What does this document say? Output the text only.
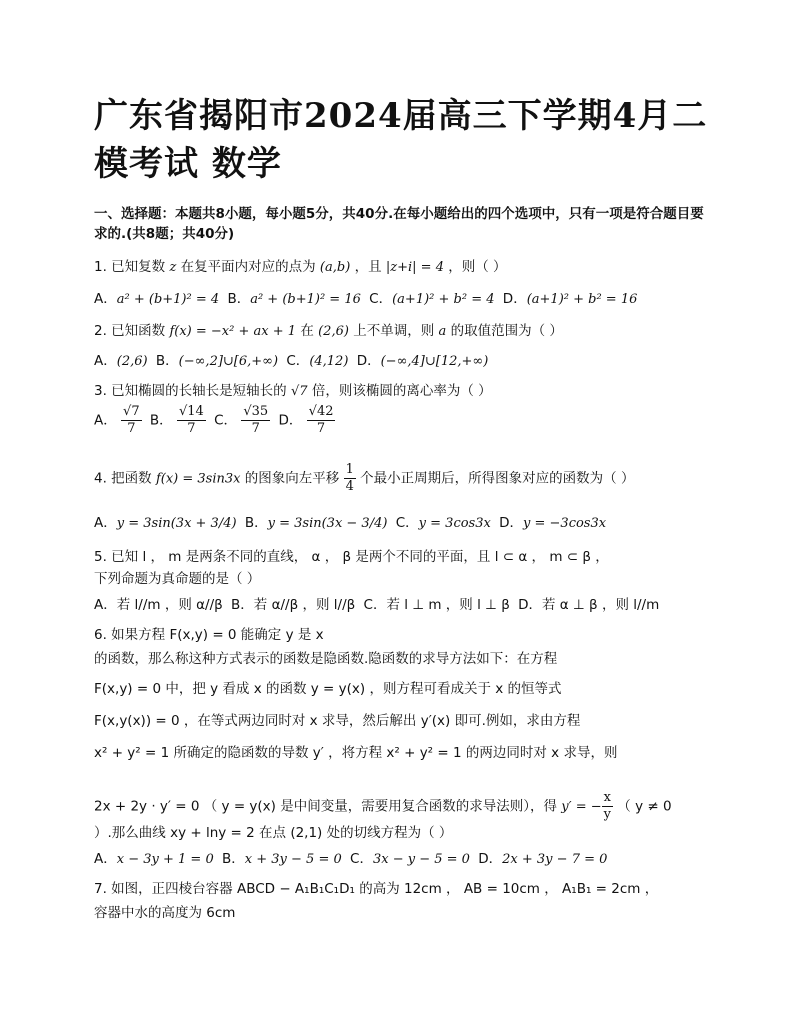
广东省揭阳市2024届高三下学期4月二模考试 数学
一、选择题：本题共8小题，每小题5分，共40分.在每小题给出的四个选项中，只有一项是符合题目要求的.(共8题；共40分)
1. 已知复数 z 在复平面内对应的点为 (a,b) ，且 |z+i| = 4 ，则（ ）
A．a² + (b+1)² = 4 B．a² + (b+1)² = 16 C．(a+1)² + b² = 4 D．(a+1)² + b² = 16
2. 已知函数 f(x) = −x² + ax + 1 在 (2,6) 上不单调，则 a 的取值范围为（ ）
A．(2,6) B．(−∞,2]∪[6,+∞) C．(4,12) D．(−∞,4]∪[12,+∞)
3. 已知椭圆的长轴长是短轴长的 √7 倍，则该椭圆的离心率为（ ）
A． $\frac{√7}{7}$ B． $\frac{√14}{7}$ C． $\frac{√35}{7}$ D． $\frac{√42}{7}$
4. 把函数 f(x) = 3sin3x 的图象向左平移 $\frac{1}{4}$ 个最小正周期后，所得图象对应的函数为（ ）
A．y = 3sin(3x + 3/4) B．y = 3sin(3x − 3/4) C．y = 3cos3x D．y = −3cos3x
5. 已知 l ， m 是两条不同的直线， α ， β 是两个不同的平面，且 l ⊂ α ， m ⊂ β ，
下列命题为真命题的是（ ）
A．若 l//m ，则 α//β B．若 α//β ，则 l//β C．若 l ⊥ m ，则 l ⊥ β D．若 α ⊥ β ，则 l//m
6. 如果方程 F(x,y) = 0 能确定 y 是 x
的函数，那么称这种方式表示的函数是隐函数.隐函数的求导方法如下：在方程
F(x,y) = 0 中，把 y 看成 x 的函数 y = y(x) ，则方程可看成关于 x 的恒等式
F(x,y(x)) = 0 ，在等式两边同时对 x 求导，然后解出 y′(x) 即可.例如，求由方程
x² + y² = 1 所确定的隐函数的导数 y′ ，将方程 x² + y² = 1 的两边同时对 x 求导，则
2x + 2y · y′ = 0 （ y = y(x) 是中间变量，需要用复合函数的求导法则），得 y′ = − $\frac{x}{y}$ （ y ≠ 0
）.那么曲线 xy + lny = 2 在点 (2,1) 处的切线方程为（ ）
A．x − 3y + 1 = 0 B．x + 3y − 5 = 0 C．3x − y − 5 = 0 D．2x + 3y − 7 = 0
7. 如图，正四棱台容器 ABCD − A₁B₁C₁D₁ 的高为 12cm ， AB = 10cm ， A₁B₁ = 2cm ，
容器中水的高度为 6cm
